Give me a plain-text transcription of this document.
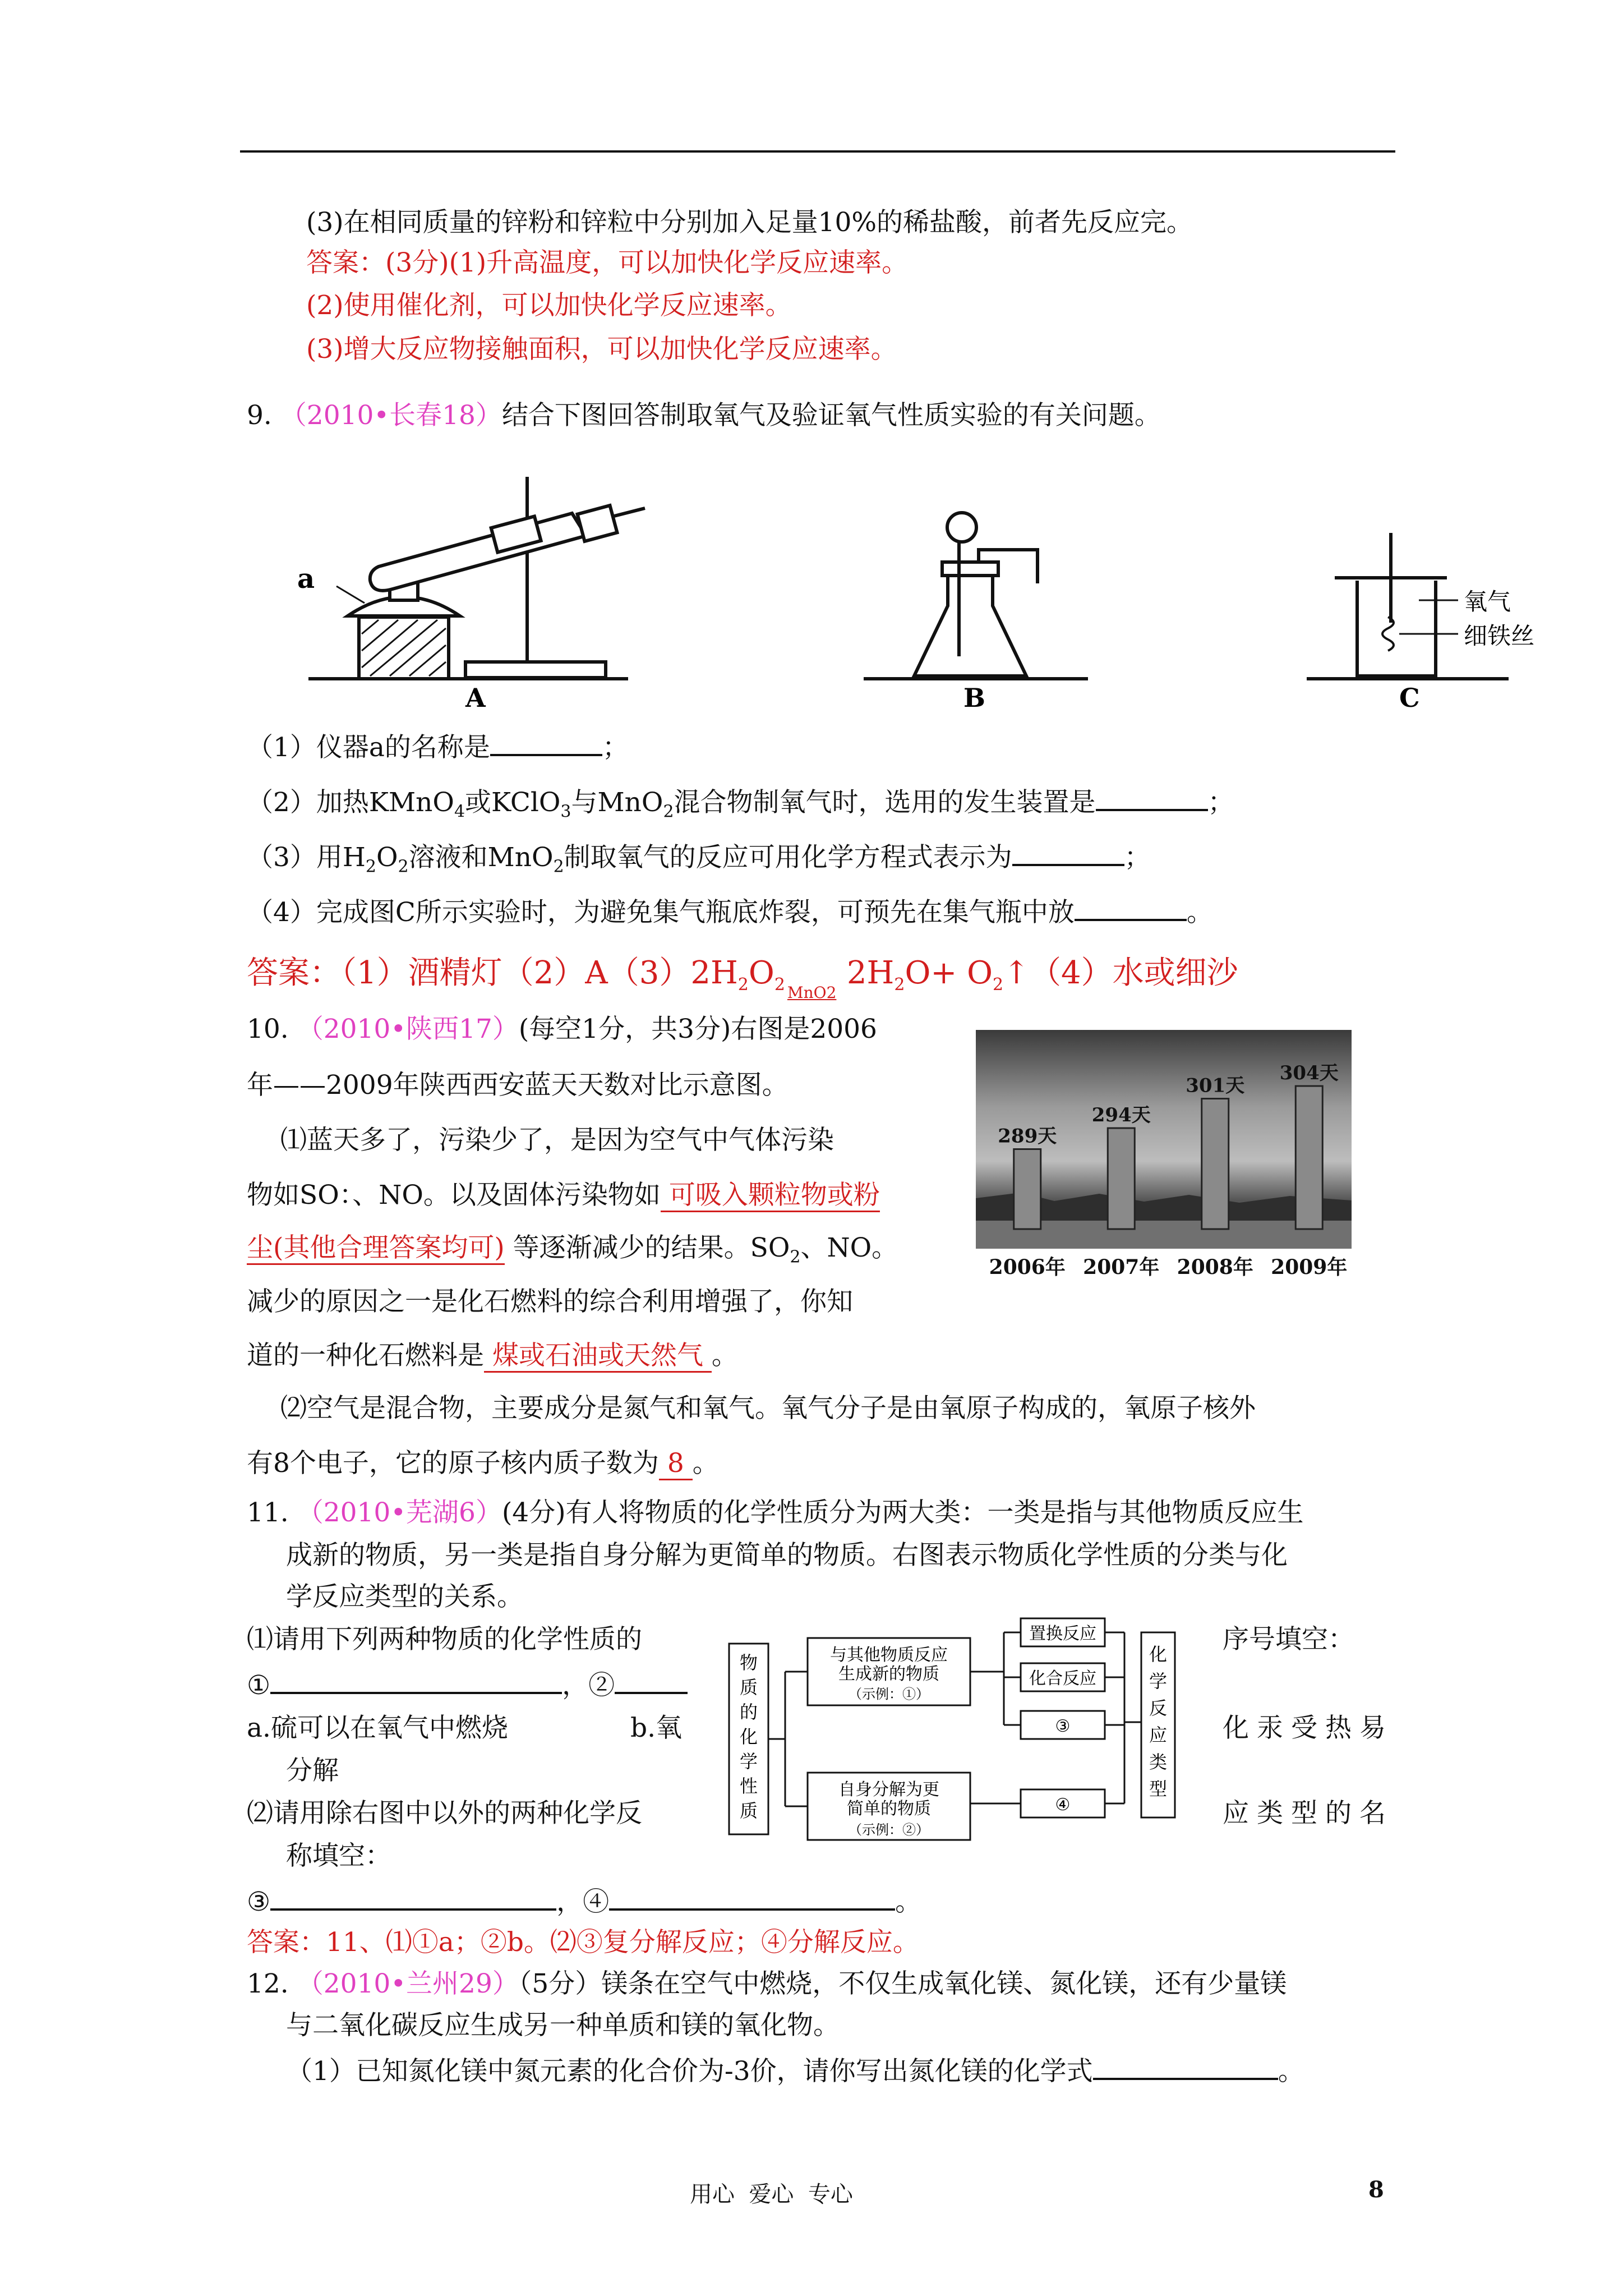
(3)在相同质量的锌粉和锌粒中分别加入足量10%的稀盐酸，前者先反应完。
答案：(3分)(1)升高温度，可以加快化学反应速率。
(2)使用催化剂，可以加快化学反应速率。
(3)增大反应物接触面积，可以加快化学反应速率。
9. （2010•长春18）结合下图回答制取氧气及验证氧气性质实验的有关问题。
a
A	B
氧气
细铁丝
C
（1）仪器a的名称是	；
（2）加热KMnO$_4$或KClO$_3$与MnO$_2$混合物制氧气时，选用的发生装置是	；
（3）用$H_2O_2$溶液和MnO$_2$制取氧气的反应可用化学方程式表示为	；
（4）完成图C所示实验时，为避免集气瓶底炸裂，可预先在集气瓶中放	。
答案：（1）酒精灯$(2)A(3)2H_2O_2$ MnO2
$2H_2O+$ $O_2↑(4)$水或细沙
10. （2010•陕西17）(每空1分，共3分)右图是2006
年——2009年陕西西安蓝天天数对比示意图。
⑴蓝天多了，污染少了，是因为空气中气体污染
物如SO：、NO。以及固体污染物如 可吸入颗粒物或粉
尘(其他合理答案均可) 等逐渐减少的结果。$SO_2$、NO。
减少的原因之一是化石燃料的综合利用增强了，你知
道的一种化石燃料是 煤或石油或天然气 。
289天
294天
301天
304天
2006年 2007年 2008年 2009年
⑵空气是混合物，主要成分是氮气和氧气。氧气分子是由氧原子构成的，氧原子核外
有8个电子，它的原子核内质子数为 8 。
11. （2010•芜湖6）(4分)有人将物质的化学性质分为两大类：一类是指与其他物质反应生
成新的物质，另一类是指自身分解为更简单的物质。右图表示物质化学性质的分类与化
学反应类型的关系。
⑴请用下列两种物质的化学性质的	序号填空：
①	，②
a.硫可以在氧气中燃烧	b.氧	化汞受热易
分解
⑵请用除右图中以外的两种化学反	应类型的名
称填空：
③	，④	。
答案：11、⑴①a；②b。⑵③复分解反应；④分解反应。
物
质
的
化
学
性
质
化
学
反
应
类
型
与其他物质反应
生成新的物质
（示例：①）
自身分解为更
简单的物质
（示例：②）
置换反应
化合反应
③
④
12. （2010•兰州29）（5分）镁条在空气中燃烧，不仅生成氧化镁、氮化镁，还有少量镁
与二氧化碳反应生成另一种单质和镁的氧化物。
（1）已知氮化镁中氮元素的化合价为-3价，请你写出氮化镁的化学式	。
用心  爱心  专心	8
